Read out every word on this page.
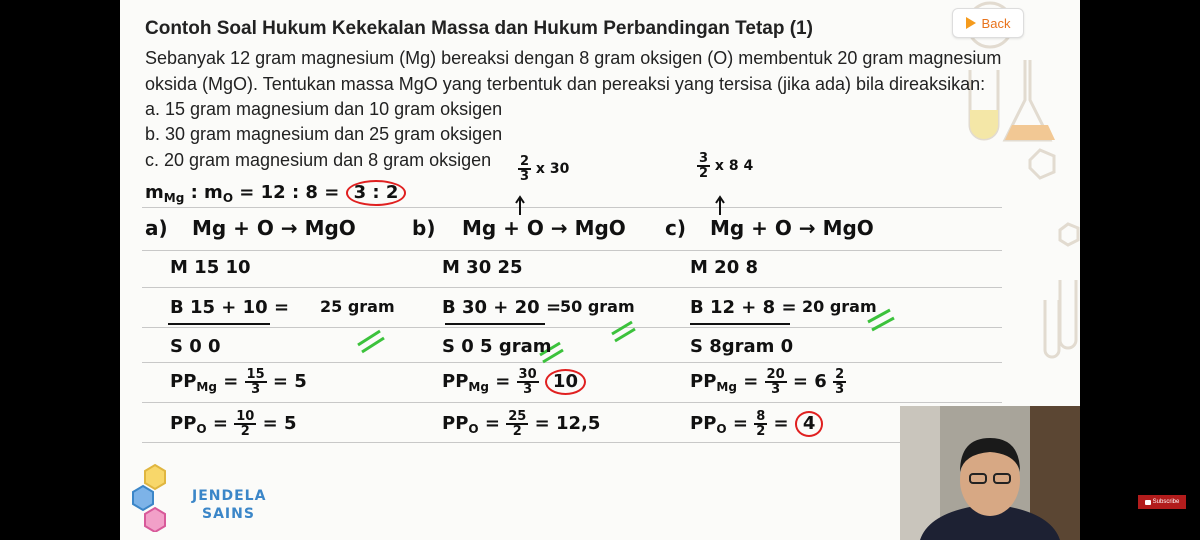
Contoh Soal Hukum Kekekalan Massa dan Hukum Perbandingan Tetap (1)
Sebanyak 12 gram magnesium (Mg) bereaksi dengan 8 gram oksigen (O) membentuk 20 gram magnesium
oksida (MgO). Tentukan massa MgO yang terbentuk dan pereaksi yang tersisa (jika ada) bila direaksikan:
a. 15 gram magnesium dan 10 gram oksigen
b. 30 gram magnesium dan 25 gram oksigen
c. 20 gram magnesium dan 8 gram oksigen
Back
$m_{Mg}$ : $m_O = 12$ : 8 = 3 : 2
$\frac{2}{3}$ x 30	$\frac{3}{2}$ x 8 4
a) Mg + O → MgO
M 15 10
B 15 + 10 = 25 gram
S 0 0
$PP_{Mg} = \frac{15}{3} = 5$
$PP_O = \frac{10}{2} = 5$
b) Mg + O → MgO
M 30 25
B 30 + 20 =
50 gram
S 0 5 gram
$PP_{Mg} = \frac{30}{3} 10$
$PP_O = \frac{25}{2} = 12,5$
c) Mg + O → MgO
M 20 8
B 12 + 8 = 20 gram
S 8gram 0
$PP_{Mg} = \frac{20}{3} = 6 \frac{2}{3}$
$PP_O = \frac{8}{2} = 4$
JENDELA
SAINS
Subscribe
